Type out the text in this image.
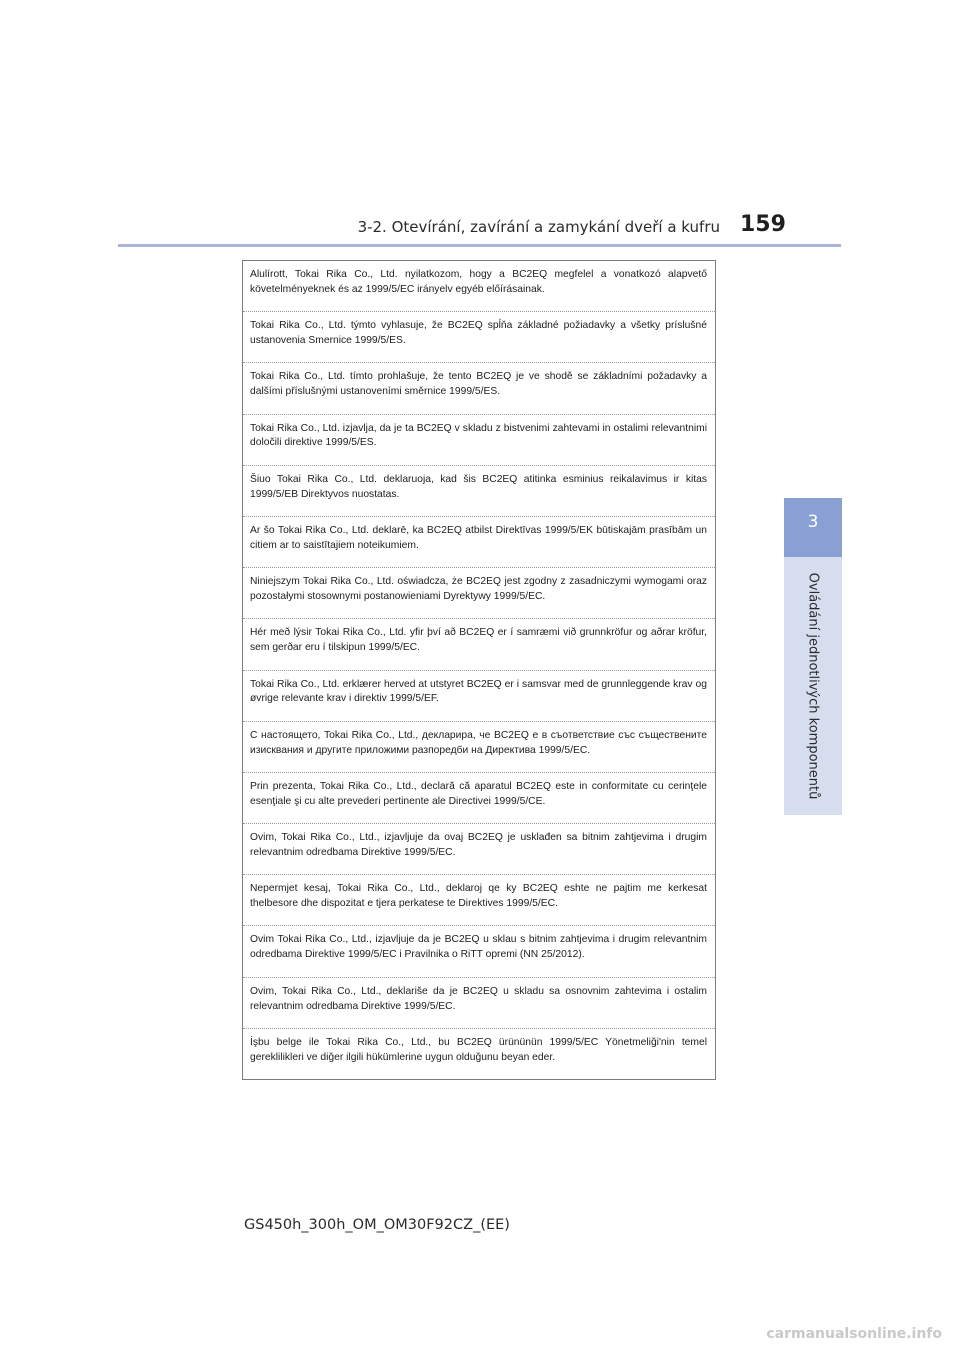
3-2. Otevírání, zavírání a zamykání dveří a kufru 159
3
Ovládání jednotlivých komponentů
Alulírott, Tokai Rika Co., Ltd. nyilatkozom, hogy a BC2EQ megfelel a vonatkozó alapvető követelményeknek és az 1999/5/EC irányelv egyéb előírásainak.
Tokai Rika Co., Ltd. týmto vyhlasuje, že BC2EQ spĺňa základné požiadavky a všetky príslušné ustanovenia Smernice 1999/5/ES.
Tokai Rika Co., Ltd. tímto prohlašuje, že tento BC2EQ je ve shodě se základními požadavky a dalšími příslušnými ustanoveními směrnice 1999/5/ES.
Tokai Rika Co., Ltd. izjavlja, da je ta BC2EQ v skladu z bistvenimi zahtevami in ostalimi relevantnimi določili direktive 1999/5/ES.
Šiuo Tokai Rika Co., Ltd. deklaruoja, kad šis BC2EQ atitinka esminius reikalavimus ir kitas 1999/5/EB Direktyvos nuostatas.
Ar šo Tokai Rika Co., Ltd. deklarē, ka BC2EQ atbilst Direktīvas 1999/5/EK būtiskajām prasībām un citiem ar to saistītajiem noteikumiem.
Niniejszym Tokai Rika Co., Ltd. oświadcza, że BC2EQ jest zgodny z zasadniczymi wymogami oraz pozostałymi stosownymi postanowieniami Dyrektywy 1999/5/EC.
Hér með lýsir Tokai Rika Co., Ltd. yfir því að BC2EQ er í samræmi við grunnkröfur og aðrar kröfur, sem gerðar eru í tilskipun 1999/5/EC.
Tokai Rika Co., Ltd. erklærer herved at utstyret BC2EQ er i samsvar med de grunnleggende krav og øvrige relevante krav i direktiv 1999/5/EF.
С настоящето, Tokai Rika Co., Ltd., декларира, че BC2EQ е в съответствие със съществените изисквания и другите приложими разпоредби на Директива 1999/5/EC.
Prin prezenta, Tokai Rika Co., Ltd., declară că aparatul BC2EQ este in conformitate cu cerinţele esenţiale şi cu alte prevederi pertinente ale Directivei 1999/5/CE.
Ovim, Tokai Rika Co., Ltd., izjavljuje da ovaj BC2EQ je usklađen sa bitnim zahtjevima i drugim relevantnim odredbama Direktive 1999/5/EC.
Nepermjet kesaj, Tokai Rika Co., Ltd., deklaroj qe ky BC2EQ eshte ne pajtim me kerkesat thelbesore dhe dispozitat e tjera perkatese te Direktives 1999/5/EC.
Ovim Tokai Rika Co., Ltd., izjavljuje da je BC2EQ u sklau s bitnim zahtjevima i drugim relevantnim odredbama Direktive 1999/5/EC i Pravilnika o RiTT opremi (NN 25/2012).
Ovim, Tokai Rika Co., Ltd., deklariše da je BC2EQ u skladu sa osnovnim zahtevima i ostalim relevantnim odredbama Direktive 1999/5/EC.
İşbu belge ile Tokai Rika Co., Ltd., bu BC2EQ ürününün 1999/5/EC Yönetmeliği'nin temel gereklilikleri ve diğer ilgili hükümlerine uygun olduğunu beyan eder.
GS450h_300h_OM_OM30F92CZ_(EE)
carmanualsonline.info
